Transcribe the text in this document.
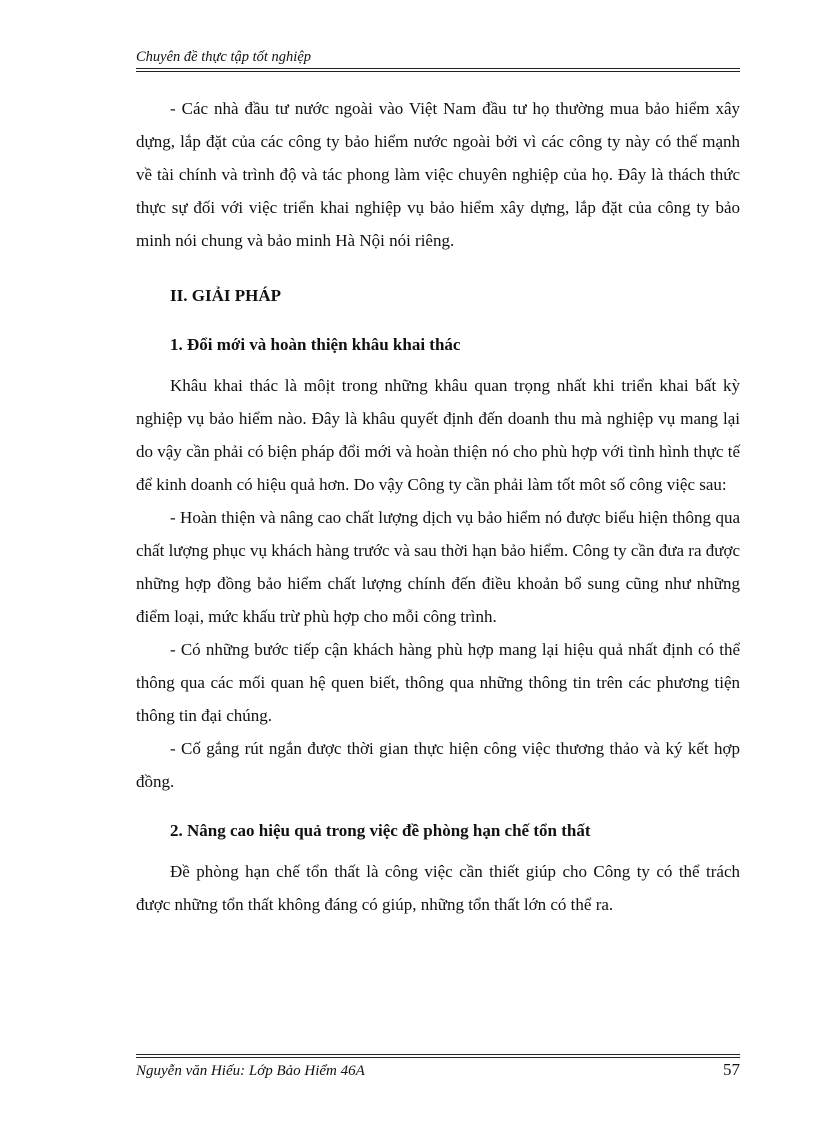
Chuyên đề thực tập tốt nghiệp

- Các nhà đầu tư nước ngoài vào Việt Nam đầu tư họ thường mua bảo hiểm xây dựng, lắp đặt của các công ty bảo hiểm nước ngoài bởi vì các công ty này có thế mạnh về tài chính và trình độ và tác phong làm việc chuyên nghiệp của họ. Đây là thách thức thực sự đối với việc triển khai nghiệp vụ bảo hiểm xây dựng, lắp đặt của công ty bảo minh nói chung và bảo minh Hà Nội nói riêng.

II. GIẢI PHÁP

1. Đổi mới và hoàn thiện khâu khai thác

Khâu khai thác là môịt trong những khâu quan trọng nhất khi triển khai bất kỳ nghiệp vụ bảo hiểm nào. Đây là khâu quyết định đến doanh thu mà nghiệp vụ mang lại do vậy cần phải có biện pháp đổi mới và hoàn thiện nó cho phù hợp với tình hình thực tế để kinh doanh có hiệu quả hơn. Do vậy Công ty cần phải làm tốt môt số công việc sau:

- Hoàn thiện và nâng cao chất lượng dịch vụ bảo hiểm nó được biểu hiện thông qua chất lượng phục vụ khách hàng trước và sau thời hạn bảo hiểm. Công ty cần đưa ra được những hợp đồng bảo hiểm chất lượng chính đến điều khoản bổ sung cũng như những điểm loại, mức khấu trừ phù hợp cho mỗi công trình.

- Có những bước tiếp cận khách hàng phù hợp mang lại hiệu quả nhất định có thể thông qua các mối quan hệ quen biết, thông qua những thông tin trên các phương tiện thông tin đại chúng.

- Cố gắng rút ngắn được thời gian thực hiện công việc thương thảo và ký kết hợp đồng.

2. Nâng cao hiệu quả trong việc đề phòng hạn chế tổn thất

Đề phòng hạn chế tổn thất là công việc cần thiết giúp cho Công ty có thể trách được những tổn thất không đáng có giúp, những tổn thất lớn có thể ra.

Nguyễn văn Hiếu: Lớp Bảo Hiểm 46A	57
